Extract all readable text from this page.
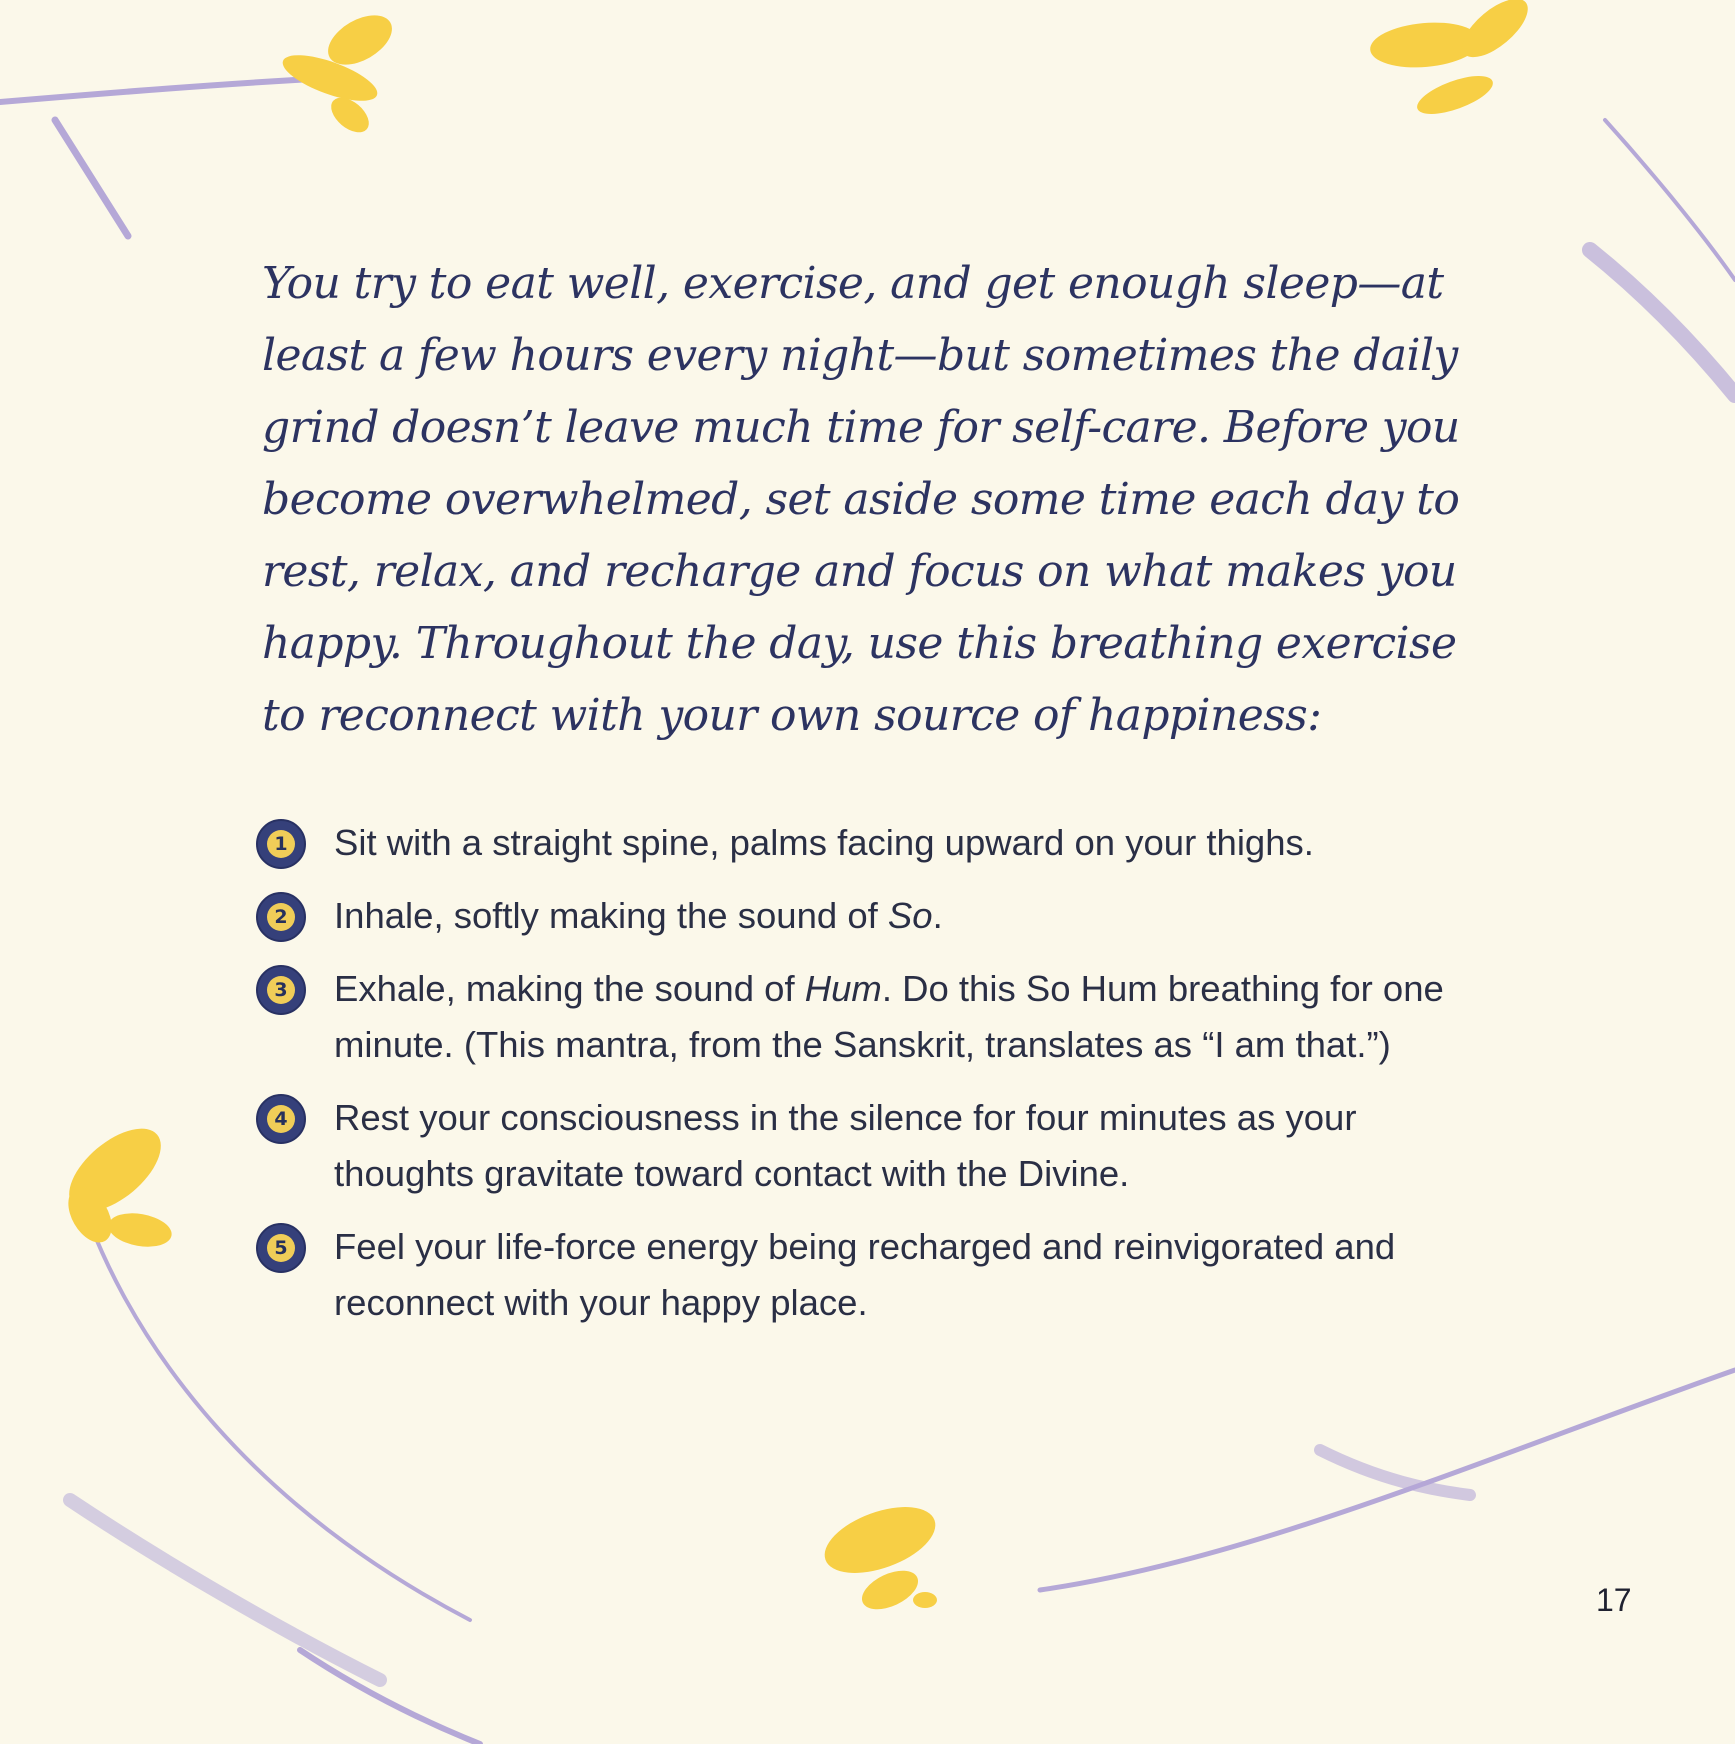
You try to eat well, exercise, and get enough sleep—at least a few hours every night—but sometimes the daily grind doesn’t leave much time for self-care. Before you become overwhelmed, set aside some time each day to rest, relax, and recharge and focus on what makes you happy. Throughout the day, use this breathing exercise to reconnect with your own source of happiness:

1 Sit with a straight spine, palms facing upward on your thighs.
2 Inhale, softly making the sound of So.
3 Exhale, making the sound of Hum. Do this So Hum breathing for one minute. (This mantra, from the Sanskrit, translates as “I am that.”)
4 Rest your consciousness in the silence for four minutes as your thoughts gravitate toward contact with the Divine.
5 Feel your life-force energy being recharged and reinvigorated and reconnect with your happy place.
17
